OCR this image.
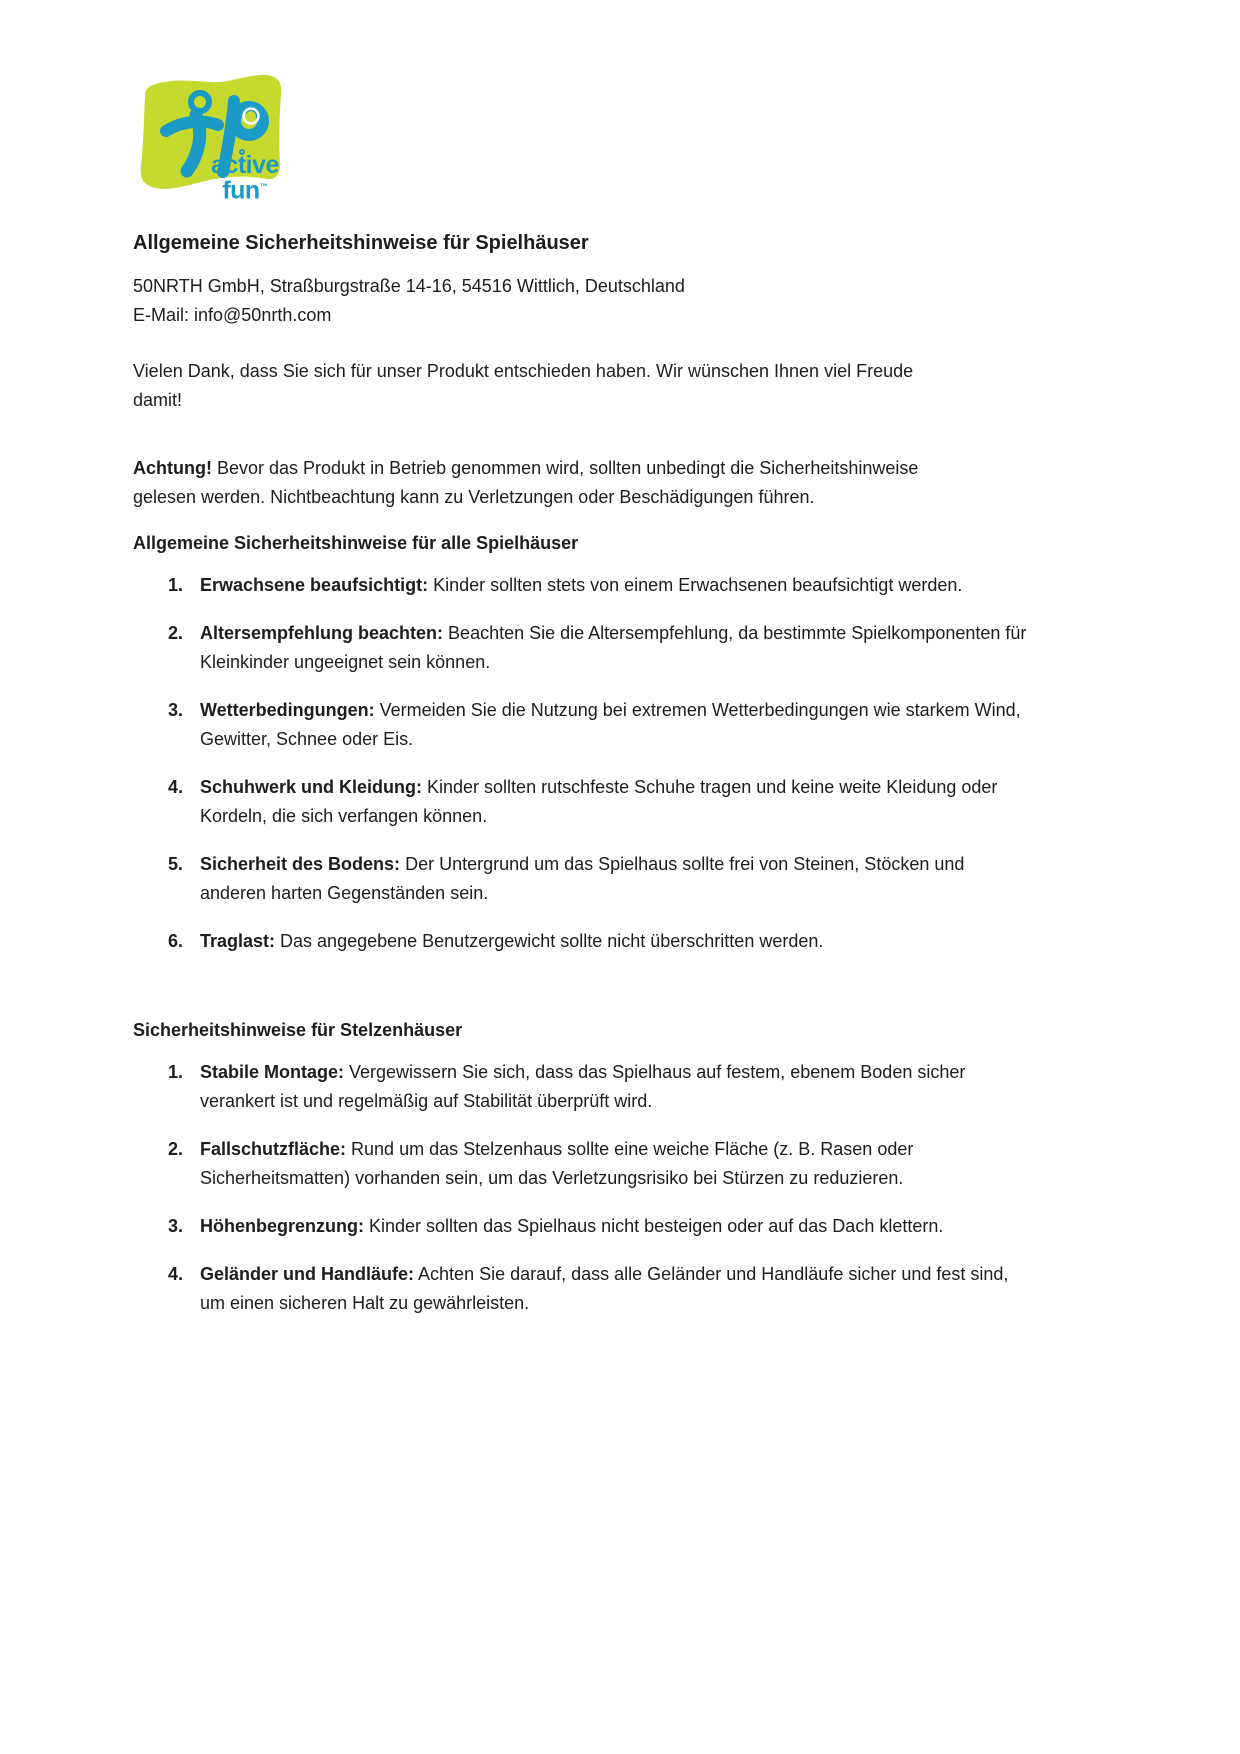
active
fun™
Allgemeine Sicherheitshinweise für Spielhäuser

50NRTH GmbH, Straßburgstraße 14-16, 54516 Wittlich, Deutschland

E-Mail: info@50nrth.com

Vielen Dank, dass Sie sich für unser Produkt entschieden haben. Wir wünschen Ihnen viel Freude damit!

Achtung! Bevor das Produkt in Betrieb genommen wird, sollten unbedingt die Sicherheitshinweise gelesen werden. Nichtbeachtung kann zu Verletzungen oder Beschädigungen führen.

Allgemeine Sicherheitshinweise für alle Spielhäuser
1. Erwachsene beaufsichtigt: Kinder sollten stets von einem Erwachsenen beaufsichtigt werden.
2. Altersempfehlung beachten: Beachten Sie die Altersempfehlung, da bestimmte Spielkomponenten für Kleinkinder ungeeignet sein können.
3. Wetterbedingungen: Vermeiden Sie die Nutzung bei extremen Wetterbedingungen wie starkem Wind, Gewitter, Schnee oder Eis.
4. Schuhwerk und Kleidung: Kinder sollten rutschfeste Schuhe tragen und keine weite Kleidung oder Kordeln, die sich verfangen können.
5. Sicherheit des Bodens: Der Untergrund um das Spielhaus sollte frei von Steinen, Stöcken und anderen harten Gegenständen sein.
6. Traglast: Das angegebene Benutzergewicht sollte nicht überschritten werden.
Sicherheitshinweise für Stelzenhäuser
1. Stabile Montage: Vergewissern Sie sich, dass das Spielhaus auf festem, ebenem Boden sicher verankert ist und regelmäßig auf Stabilität überprüft wird.
2. Fallschutzfläche: Rund um das Stelzenhaus sollte eine weiche Fläche (z. B. Rasen oder Sicherheitsmatten) vorhanden sein, um das Verletzungsrisiko bei Stürzen zu reduzieren.
3. Höhenbegrenzung: Kinder sollten das Spielhaus nicht besteigen oder auf das Dach klettern.
4. Geländer und Handläufe: Achten Sie darauf, dass alle Geländer und Handläufe sicher und fest sind, um einen sicheren Halt zu gewährleisten.
